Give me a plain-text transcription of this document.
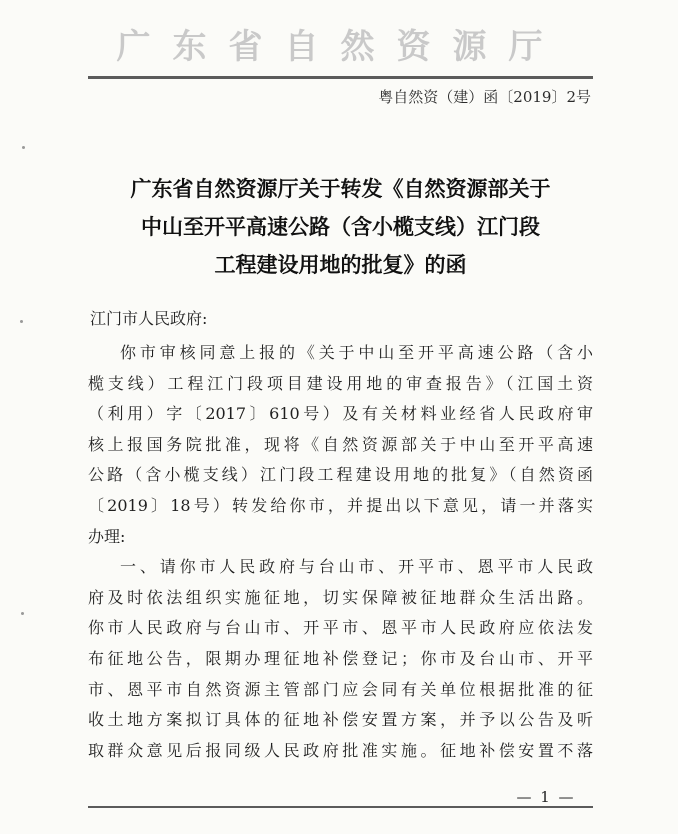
广东省自然资源厅
粤自然资（建）函〔2019〕2号
广东省自然资源厅关于转发《自然资源部关于
中山至开平高速公路（含小榄支线）江门段
工程建设用地的批复》的函
江门市人民政府:
你市审核同意上报的《关于中山至开平高速公路（含小
榄支线）工程江门段项目建设用地的审查报告》（江国土资
（利用）字〔2017〕610号）及有关材料业经省人民政府审
核上报国务院批准，现将《自然资源部关于中山至开平高速
公路（含小榄支线）江门段工程建设用地的批复》（自然资函
〔2019〕18号）转发给你市，并提出以下意见，请一并落实
办理:
一、请你市人民政府与台山市、开平市、恩平市人民政
府及时依法组织实施征地，切实保障被征地群众生活出路。
你市人民政府与台山市、开平市、恩平市人民政府应依法发
布征地公告，限期办理征地补偿登记；你市及台山市、开平
市、恩平市自然资源主管部门应会同有关单位根据批准的征
收土地方案拟订具体的征地补偿安置方案，并予以公告及听
取群众意见后报同级人民政府批准实施。征地补偿安置不落
— 1 —
